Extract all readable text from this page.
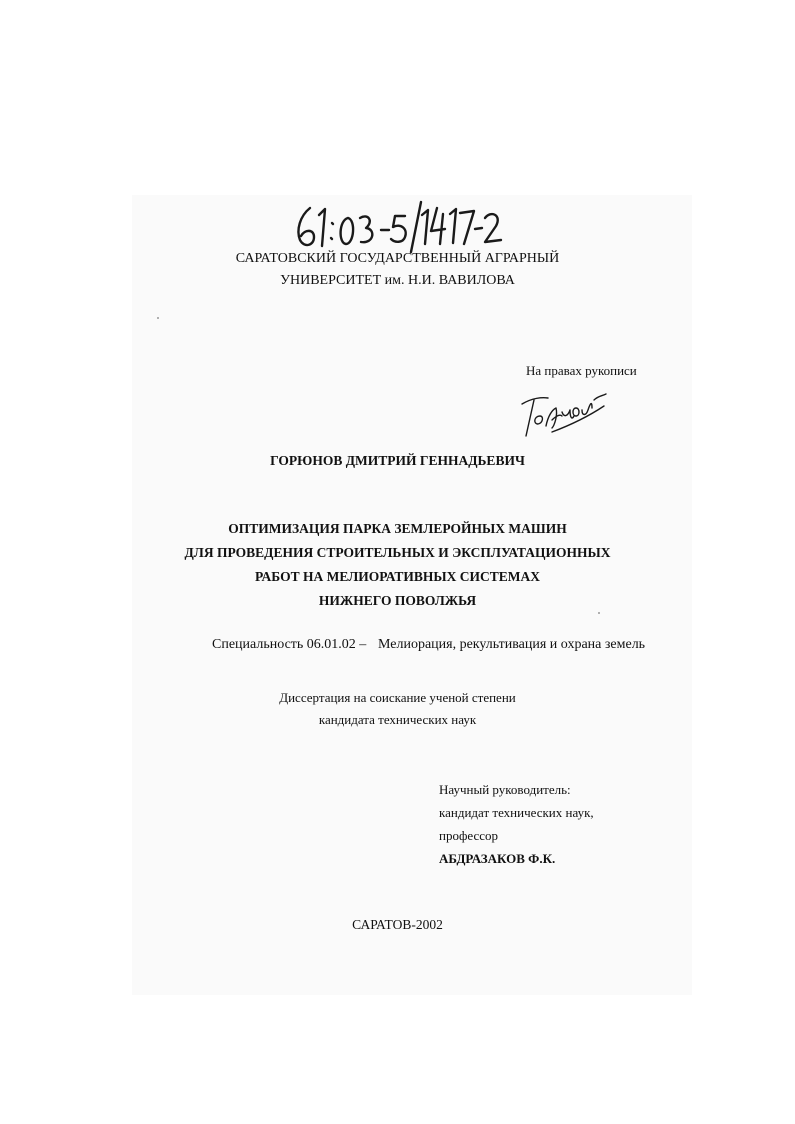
САРАТОВСКИЙ ГОСУДАРСТВЕННЫЙ АГРАРНЫЙ
УНИВЕРСИТЕТ им. Н.И. ВАВИЛОВА
На правах рукописи
ГОРЮНОВ ДМИТРИЙ ГЕННАДЬЕВИЧ
ОПТИМИЗАЦИЯ ПАРКА ЗЕМЛЕРОЙНЫХ МАШИН
ДЛЯ ПРОВЕДЕНИЯ СТРОИТЕЛЬНЫХ И ЭКСПЛУАТАЦИОННЫХ
РАБОТ НА МЕЛИОРАТИВНЫХ СИСТЕМАХ
НИЖНЕГО ПОВОЛЖЬЯ
Специальность 06.01.02 – Мелиорация, рекультивация и охрана земель
Диссертация на соискание ученой степени
кандидата технических наук
Научный руководитель:
кандидат технических наук,
профессор
АБДРАЗАКОВ Ф.К.
САРАТОВ-2002
